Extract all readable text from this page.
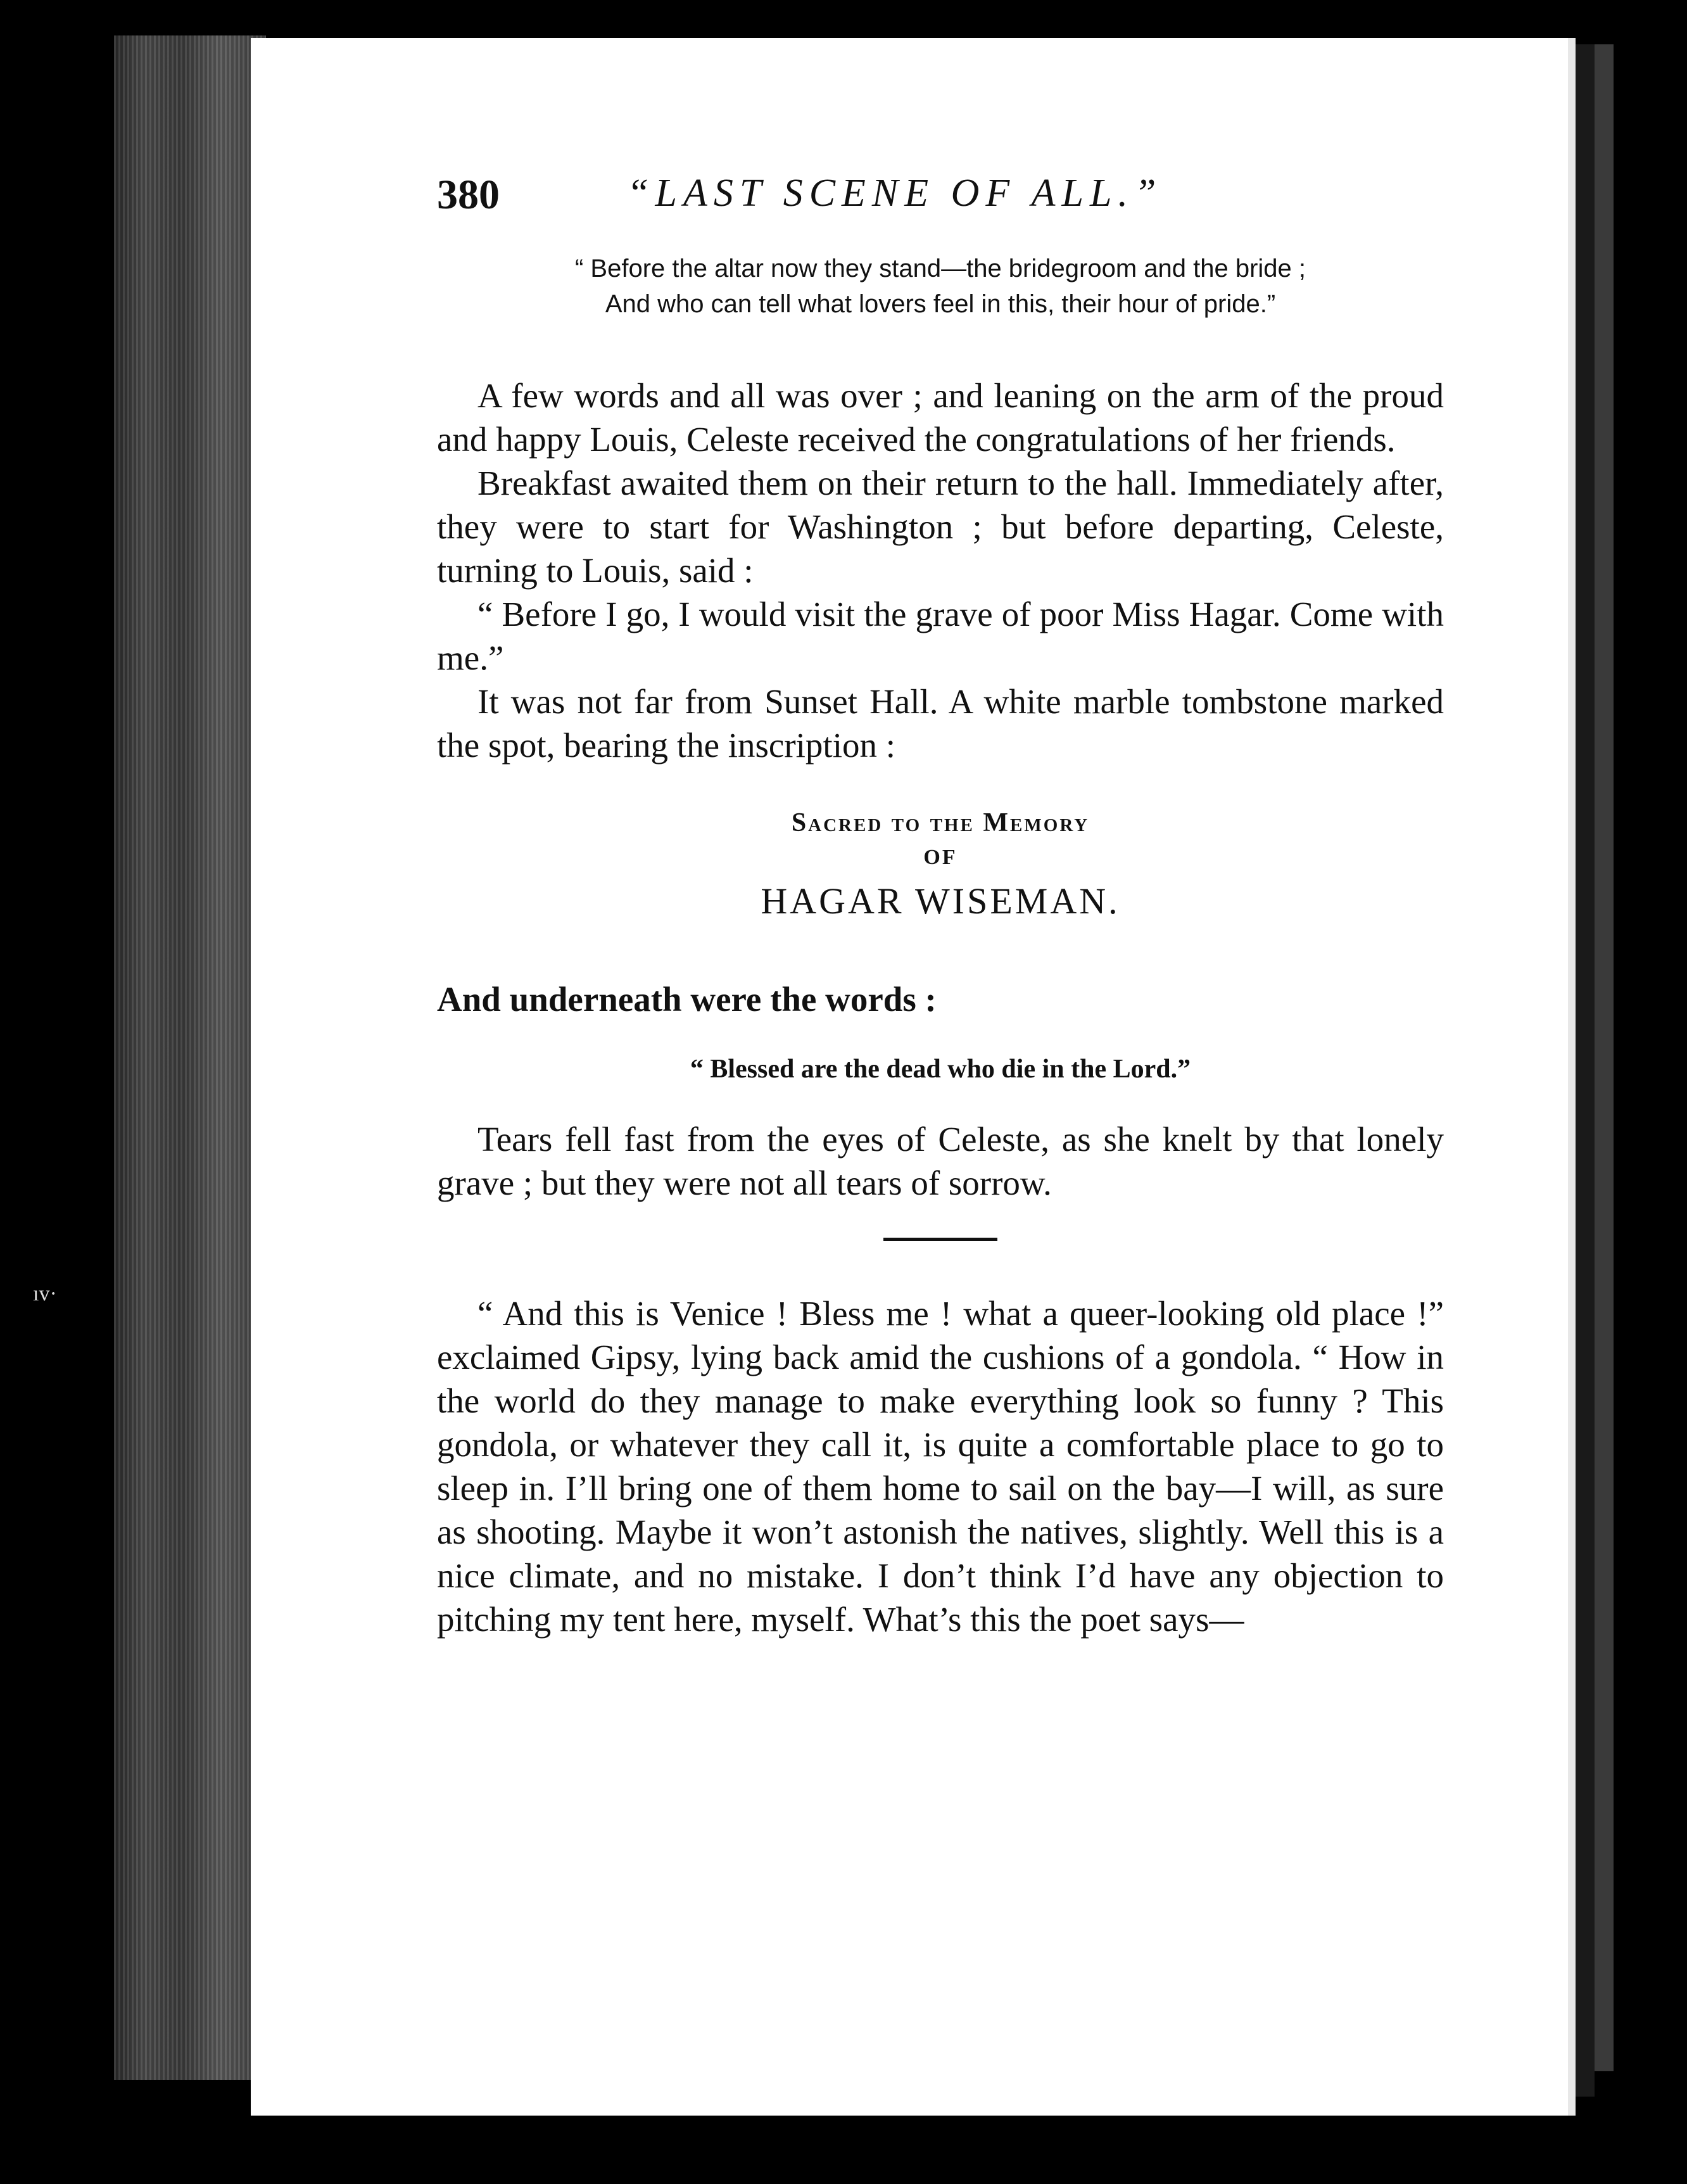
ıv·
380	“LAST SCENE OF ALL.”
“ Before the altar now they stand—the bridegroom and the bride ;
And who can tell what lovers feel in this, their hour of pride.”

A few words and all was over ; and leaning on the arm of the proud and happy Louis, Celeste received the congratulations of her friends.

Breakfast awaited them on their return to the hall. Immediately after, they were to start for Washington ; but before departing, Celeste, turning to Louis, said :

“ Before I go, I would visit the grave of poor Miss Hagar. Come with me.”

It was not far from Sunset Hall. A white marble tombstone marked the spot, bearing the inscription :

Sacred to the Memory
OF
HAGAR WISEMAN.

And underneath were the words :

“ Blessed are the dead who die in the Lord.”

Tears fell fast from the eyes of Celeste, as she knelt by that lonely grave ; but they were not all tears of sorrow.

“ And this is Venice ! Bless me ! what a queer-looking old place !” exclaimed Gipsy, lying back amid the cushions of a gondola. “ How in the world do they manage to make everything look so funny ? This gondola, or whatever they call it, is quite a comfortable place to go to sleep in. I’ll bring one of them home to sail on the bay—I will, as sure as shooting. Maybe it won’t astonish the natives, slightly. Well this is a nice climate, and no mistake. I don’t think I’d have any objection to pitching my tent here, myself. What’s this the poet says—
